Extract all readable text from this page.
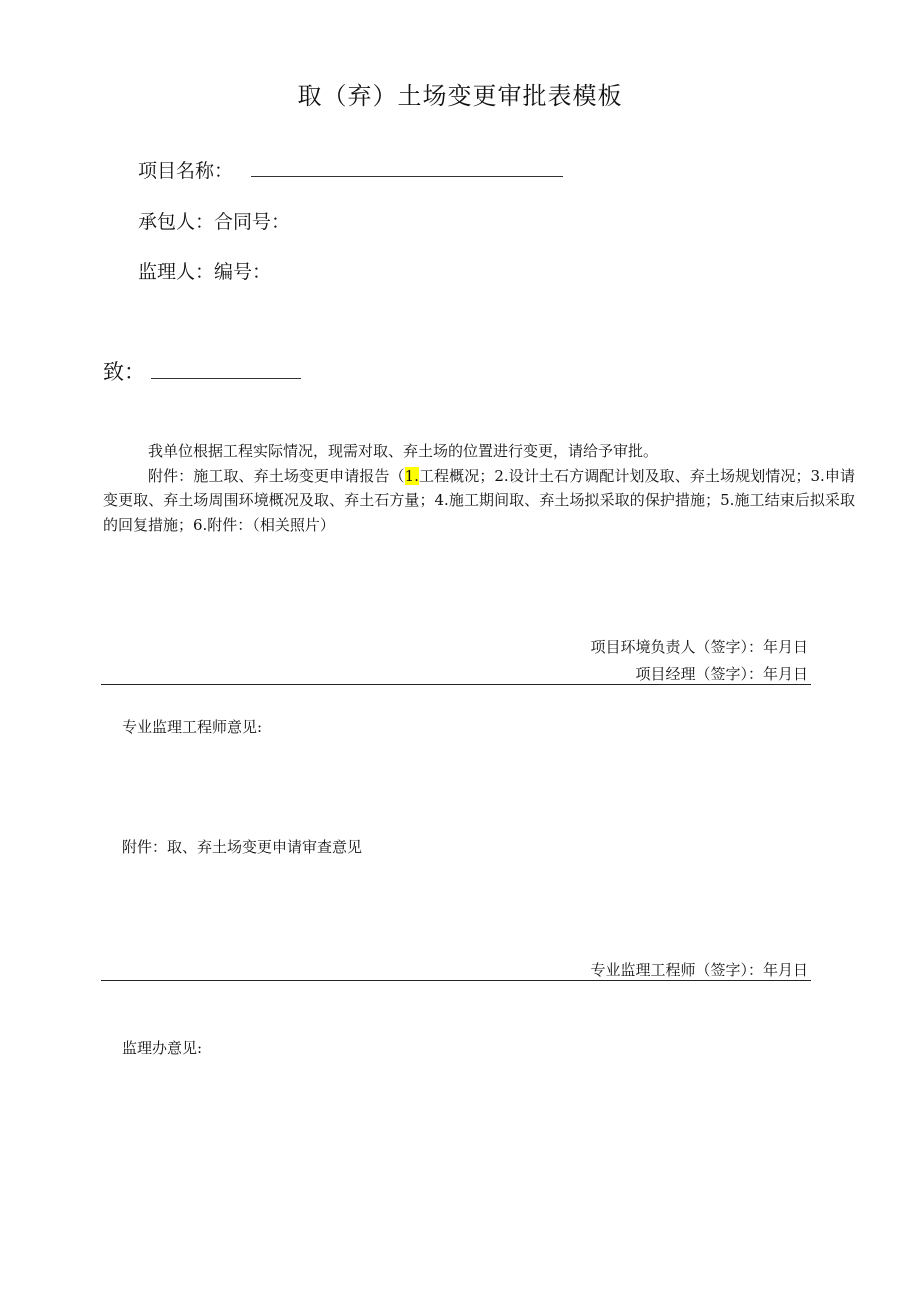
取（弃）土场变更审批表模板
项目名称：
承包人：合同号：
监理人：编号：
致：

我单位根据工程实际情况，现需对取、弃土场的位置进行变更，请给予审批。

附件：施工取、弃土场变更申请报告（1.工程概况；2.设计土石方调配计划及取、弃土场规划情况；3.申请变更取、弃土场周围环境概况及取、弃土石方量；4.施工期间取、弃土场拟采取的保护措施；5.施工结束后拟采取的回复措施；6.附件：（相关照片）

项目环境负责人（签字）：年月日
项目经理（签字）：年月日
专业监理工程师意见:
附件：取、弃土场变更申请审查意见
专业监理工程师（签字）：年月日
监理办意见:
